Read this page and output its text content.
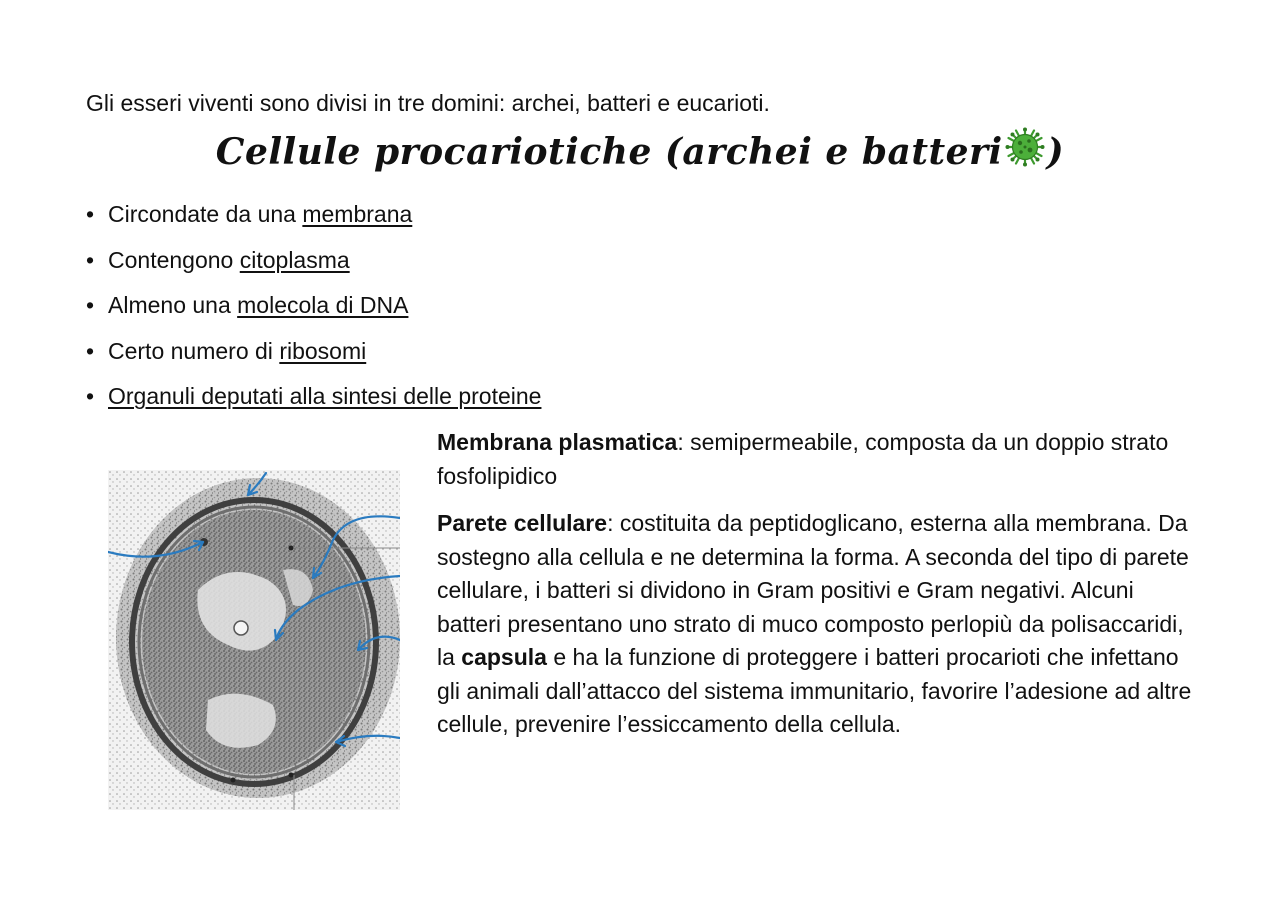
Gli esseri viventi sono divisi in tre domini: archei, batteri e eucarioti.

Cellule procariotiche (archei e batteri )
• Circondate da una membrana
• Contengono citoplasma
• Almeno una molecola di DNA
• Certo numero di ribosomi
• Organuli deputati alla sintesi delle proteine

Membrana plasmatica: semipermeabile, composta da un doppio strato fosfolipidico

Parete cellulare: costituita da peptidoglicano, esterna alla membrana. Da sostegno alla cellula e ne determina la forma. A seconda del tipo di parete cellulare, i batteri si dividono in Gram positivi e Gram negativi. Alcuni batteri presentano uno strato di muco composto perlopiù da polisaccaridi, la capsula e ha la funzione di proteggere i batteri procarioti che infettano gli animali dall’attacco del sistema immunitario, favorire l’adesione ad altre cellule, prevenire l’essiccamento della cellula.
